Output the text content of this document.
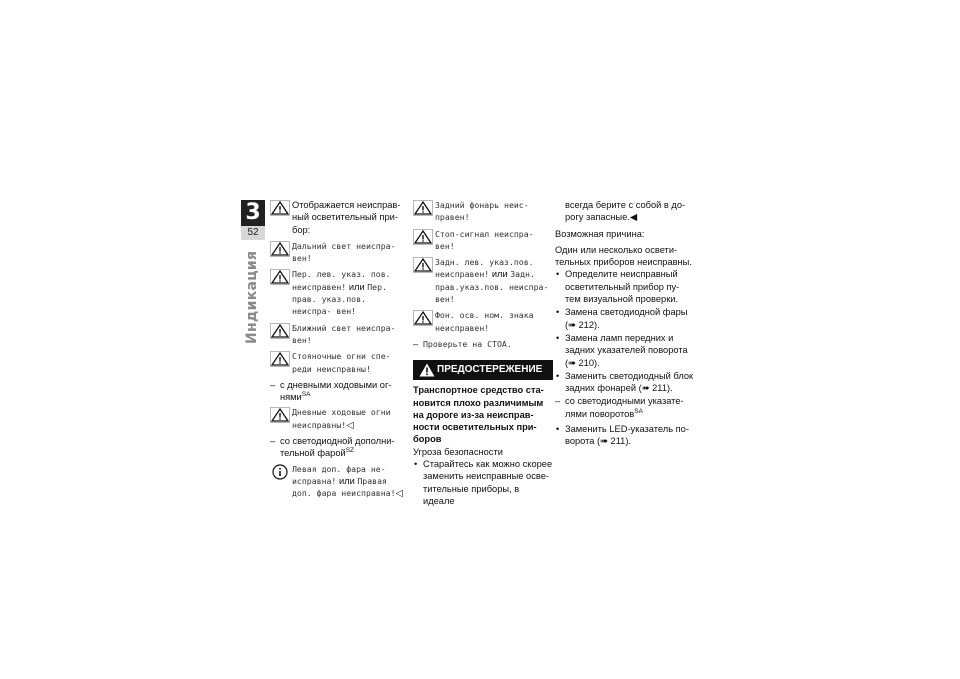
3
52
Индикация

Отображается неисправ- ный осветительный при- бор:

Дальний свет неиспра- вен!
Пер. лев. указ. пов. неисправен! или Пер. прав. указ.пов. неиспра- вен!
Ближний свет неиспра- вен!
Стояночные огни спе- реди неисправны!
– с дневными ходовыми ог- нями$^{SA}$
Дневные ходовые огни неисправны!◁
– со светодиодной дополни- тельной фарой$^{SZ}$
Левая доп. фара не- исправна! или Правая доп. фара неисправна!◁
Задний фонарь неис- правен!
Стоп-сигнал неиспра- вен!
Задн. лев. указ.пов. неисправен! или Задн. прав.указ.пов. неиспра- вен!
Фон. осв. ном. знака неисправен!
– Проверьте на СТОА.
ПРЕДОСТЕРЕЖЕНИЕ

Транспортное средство ста- новится плохо различимым на дороге из-за неисправ- ности осветительных при- боров

Угроза безопасности

• Старайтесь как можно скорее заменить неисправные осве- тительные приборы, в идеале

всегда берите с собой в до- рогу запасные.◀

Возможная причина:

Один или несколько освети- тельных приборов неисправны.

• Определите неисправный осветительный прибор пу- тем визуальной проверки.
• Замена светодиодной фары (➠ 212).
• Замена ламп передних и задних указателей поворота (➠ 210).
• Заменить светодиодный блок задних фонарей (➠ 211).
– со светодиодными указате- лями поворотов$^{SA}$
• Заменить LED-указатель по- ворота (➠ 211).
